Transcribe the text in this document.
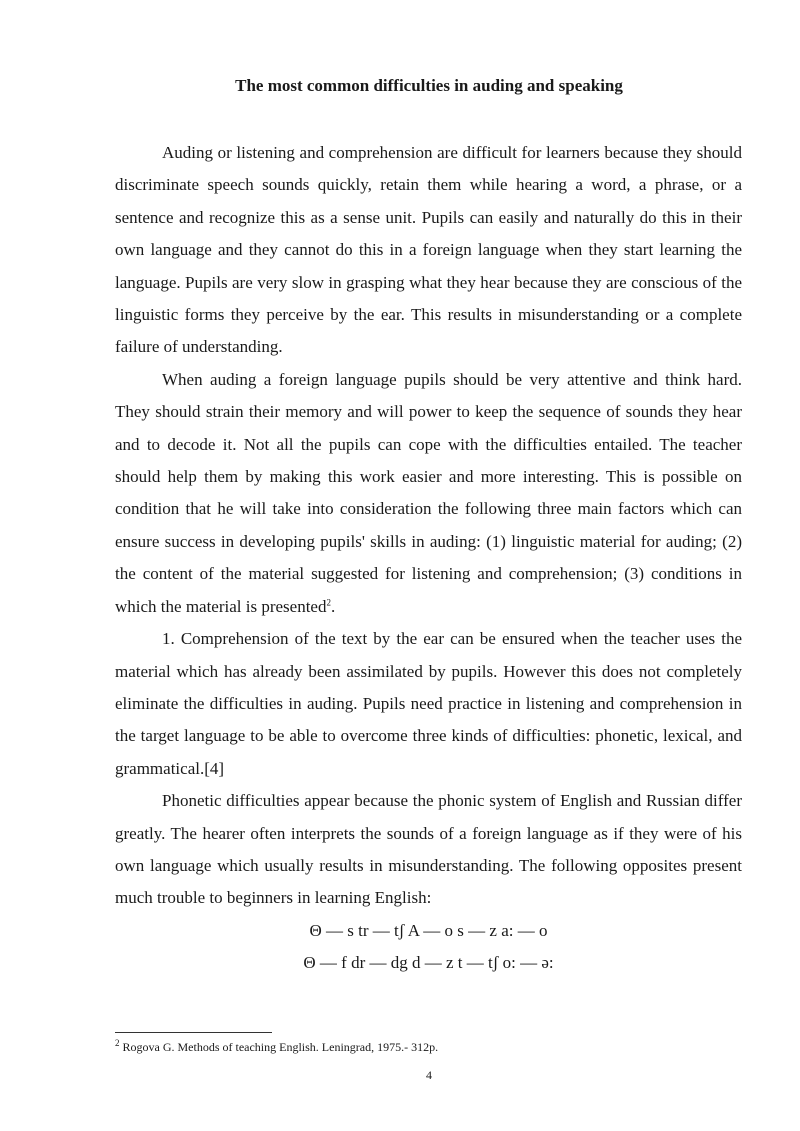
The most common difficulties in auding and speaking

Auding or listening and comprehension are difficult for learners because they should discriminate speech sounds quickly, retain them while hearing a word, a phrase, or a sentence and recognize this as a sense unit. Pupils can easily and naturally do this in their own language and they cannot do this in a foreign language when they start learning the language. Pupils are very slow in grasping what they hear because they are conscious of the linguistic forms they perceive by the ear. This results in misunderstanding or a complete failure of understanding.

When auding a foreign language pupils should be very attentive and think hard. They should strain their memory and will power to keep the sequence of sounds they hear and to decode it. Not all the pupils can cope with the difficulties entailed. The teacher should help them by making this work easier and more interesting. This is possible on condition that he will take into consideration the following three main factors which can ensure success in developing pupils' skills in auding: (1) linguistic material for auding; (2) the content of the material suggested for listening and comprehension; (3) conditions in which the material is presented$^2$.

1. Comprehension of the text by the ear can be ensured when the teacher uses the material which has already been assimilated by pupils. However this does not completely eliminate the difficulties in auding. Pupils need practice in listening and comprehension in the target language to be able to overcome three kinds of difficulties: phonetic, lexical, and grammatical.[4]

Phonetic difficulties appear because the phonic system of English and Russian differ greatly. The hearer often interprets the sounds of a foreign language as if they were of his own language which usually results in misunderstanding. The following opposites present much trouble to beginners in learning English:

Θ — s tr — tʃ A — o s — z a: — o

Θ — f dr — dg d — z t — tʃ o: — ə:

$^2$ Rogova G. Methods of teaching English. Leningrad, 1975.- 312p.
4
